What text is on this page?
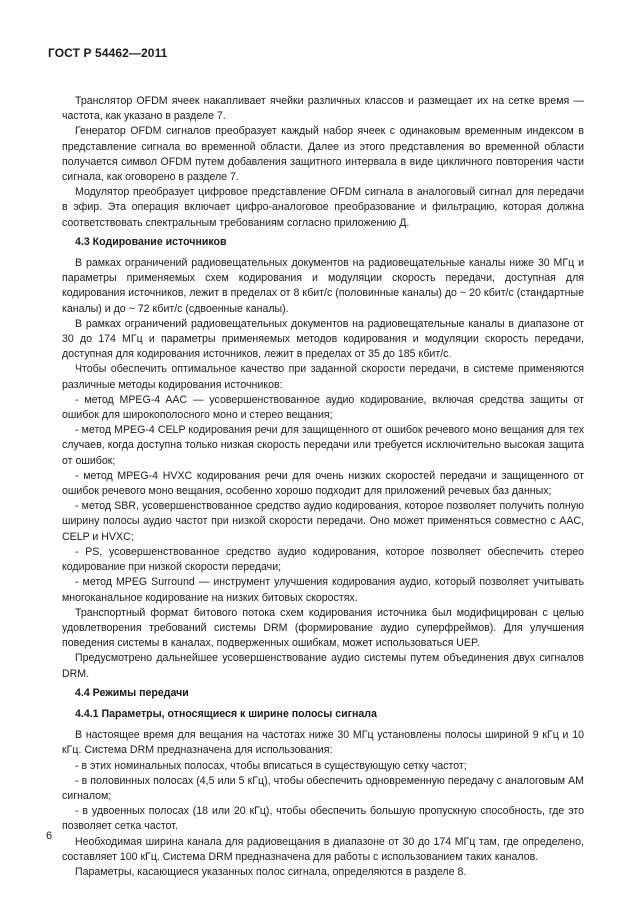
ГОСТ Р 54462—2011

Транслятор OFDM ячеек накапливает ячейки различных классов и размещает их на сетке время — частота, как указано в разделе 7.

Генератор OFDM сигналов преобразует каждый набор ячеек с одинаковым временным индексом в представление сигнала во временной области. Далее из этого представления во временной области получается символ OFDM путем добавления защитного интервала в виде цикличного повторения части сигнала, как оговорено в разделе 7.

Модулятор преобразует цифровое представление OFDM сигнала в аналоговый сигнал для передачи в эфир. Эта операция включает цифро-аналоговое преобразование и фильтрацию, которая должна соответствовать спектральным требованиям согласно приложению Д.

4.3 Кодирование источников

В рамках ограничений радиовещательных документов на радиовещательные каналы ниже 30 МГц и параметры применяемых схем кодирования и модуляции скорость передачи, доступная для кодирования источников, лежит в пределах от 8 кбит/с (половинные каналы) до ~ 20 кбит/с (стандартные каналы) и до ~ 72 кбит/с (сдвоенные каналы).

В рамках ограничений радиовещательных документов на радиовещательные каналы в диапазоне от 30 до 174 МГц и параметры применяемых методов кодирования и модуляции скорость передачи, доступная для кодирования источников, лежит в пределах от 35 до 185 кбит/с.

Чтобы обеспечить оптимальное качество при заданной скорости передачи, в системе применяются различные методы кодирования источников:

- метод MPEG-4 AAC — усовершенствованное аудио кодирование, включая средства защиты от ошибок для широкополосного моно и стерео вещания;

- метод MPEG-4 CELP кодирования речи для защищенного от ошибок речевого моно вещания для тех случаев, когда доступна только низкая скорость передачи или требуется исключительно высокая защита от ошибок;

- метод MPEG-4 HVXC кодирования речи для очень низких скоростей передачи и защищенного от ошибок речевого моно вещания, особенно хорошо подходит для приложений речевых баз данных;

- метод SBR, усовершенствованное средство аудио кодирования, которое позволяет получить полную ширину полосы аудио частот при низкой скорости передачи. Оно может применяться совместно с AAC, CELP и HVXC;

- PS, усовершенствованное средство аудио кодирования, которое позволяет обеспечить стерео кодирование при низкой скорости передачи;

- метод MPEG Surround — инструмент улучшения кодирования аудио, который позволяет учитывать многоканальное кодирование на низких битовых скоростях.

Транспортный формат битового потока схем кодирования источника был модифицирован с целью удовлетворения требований системы DRM (формирование аудио суперфреймов). Для улучшения поведения системы в каналах, подверженных ошибкам, может использоваться UEP.

Предусмотрено дальнейшее усовершенствование аудио системы путем объединения двух сигналов DRM.

4.4 Режимы передачи
4.4.1 Параметры, относящиеся к ширине полосы сигнала

В настоящее время для вещания на частотах ниже 30 МГц установлены полосы шириной 9 кГц и 10 кГц. Система DRM предназначена для использования:

- в этих номинальных полосах, чтобы вписаться в существующую сетку частот;

- в половинных полосах (4,5 или 5 кГц), чтобы обеспечить одновременную передачу с аналоговым АМ сигналом;

- в удвоенных полосах (18 или 20 кГц), чтобы обеспечить большую пропускную способность, где это позволяет сетка частот.

Необходимая ширина канала для радиовещания в диапазоне от 30 до 174 МГц там, где определено, составляет 100 кГц. Система DRM предназначена для работы с использованием таких каналов.

Параметры, касающиеся указанных полос сигнала, определяются в разделе 8.

6
